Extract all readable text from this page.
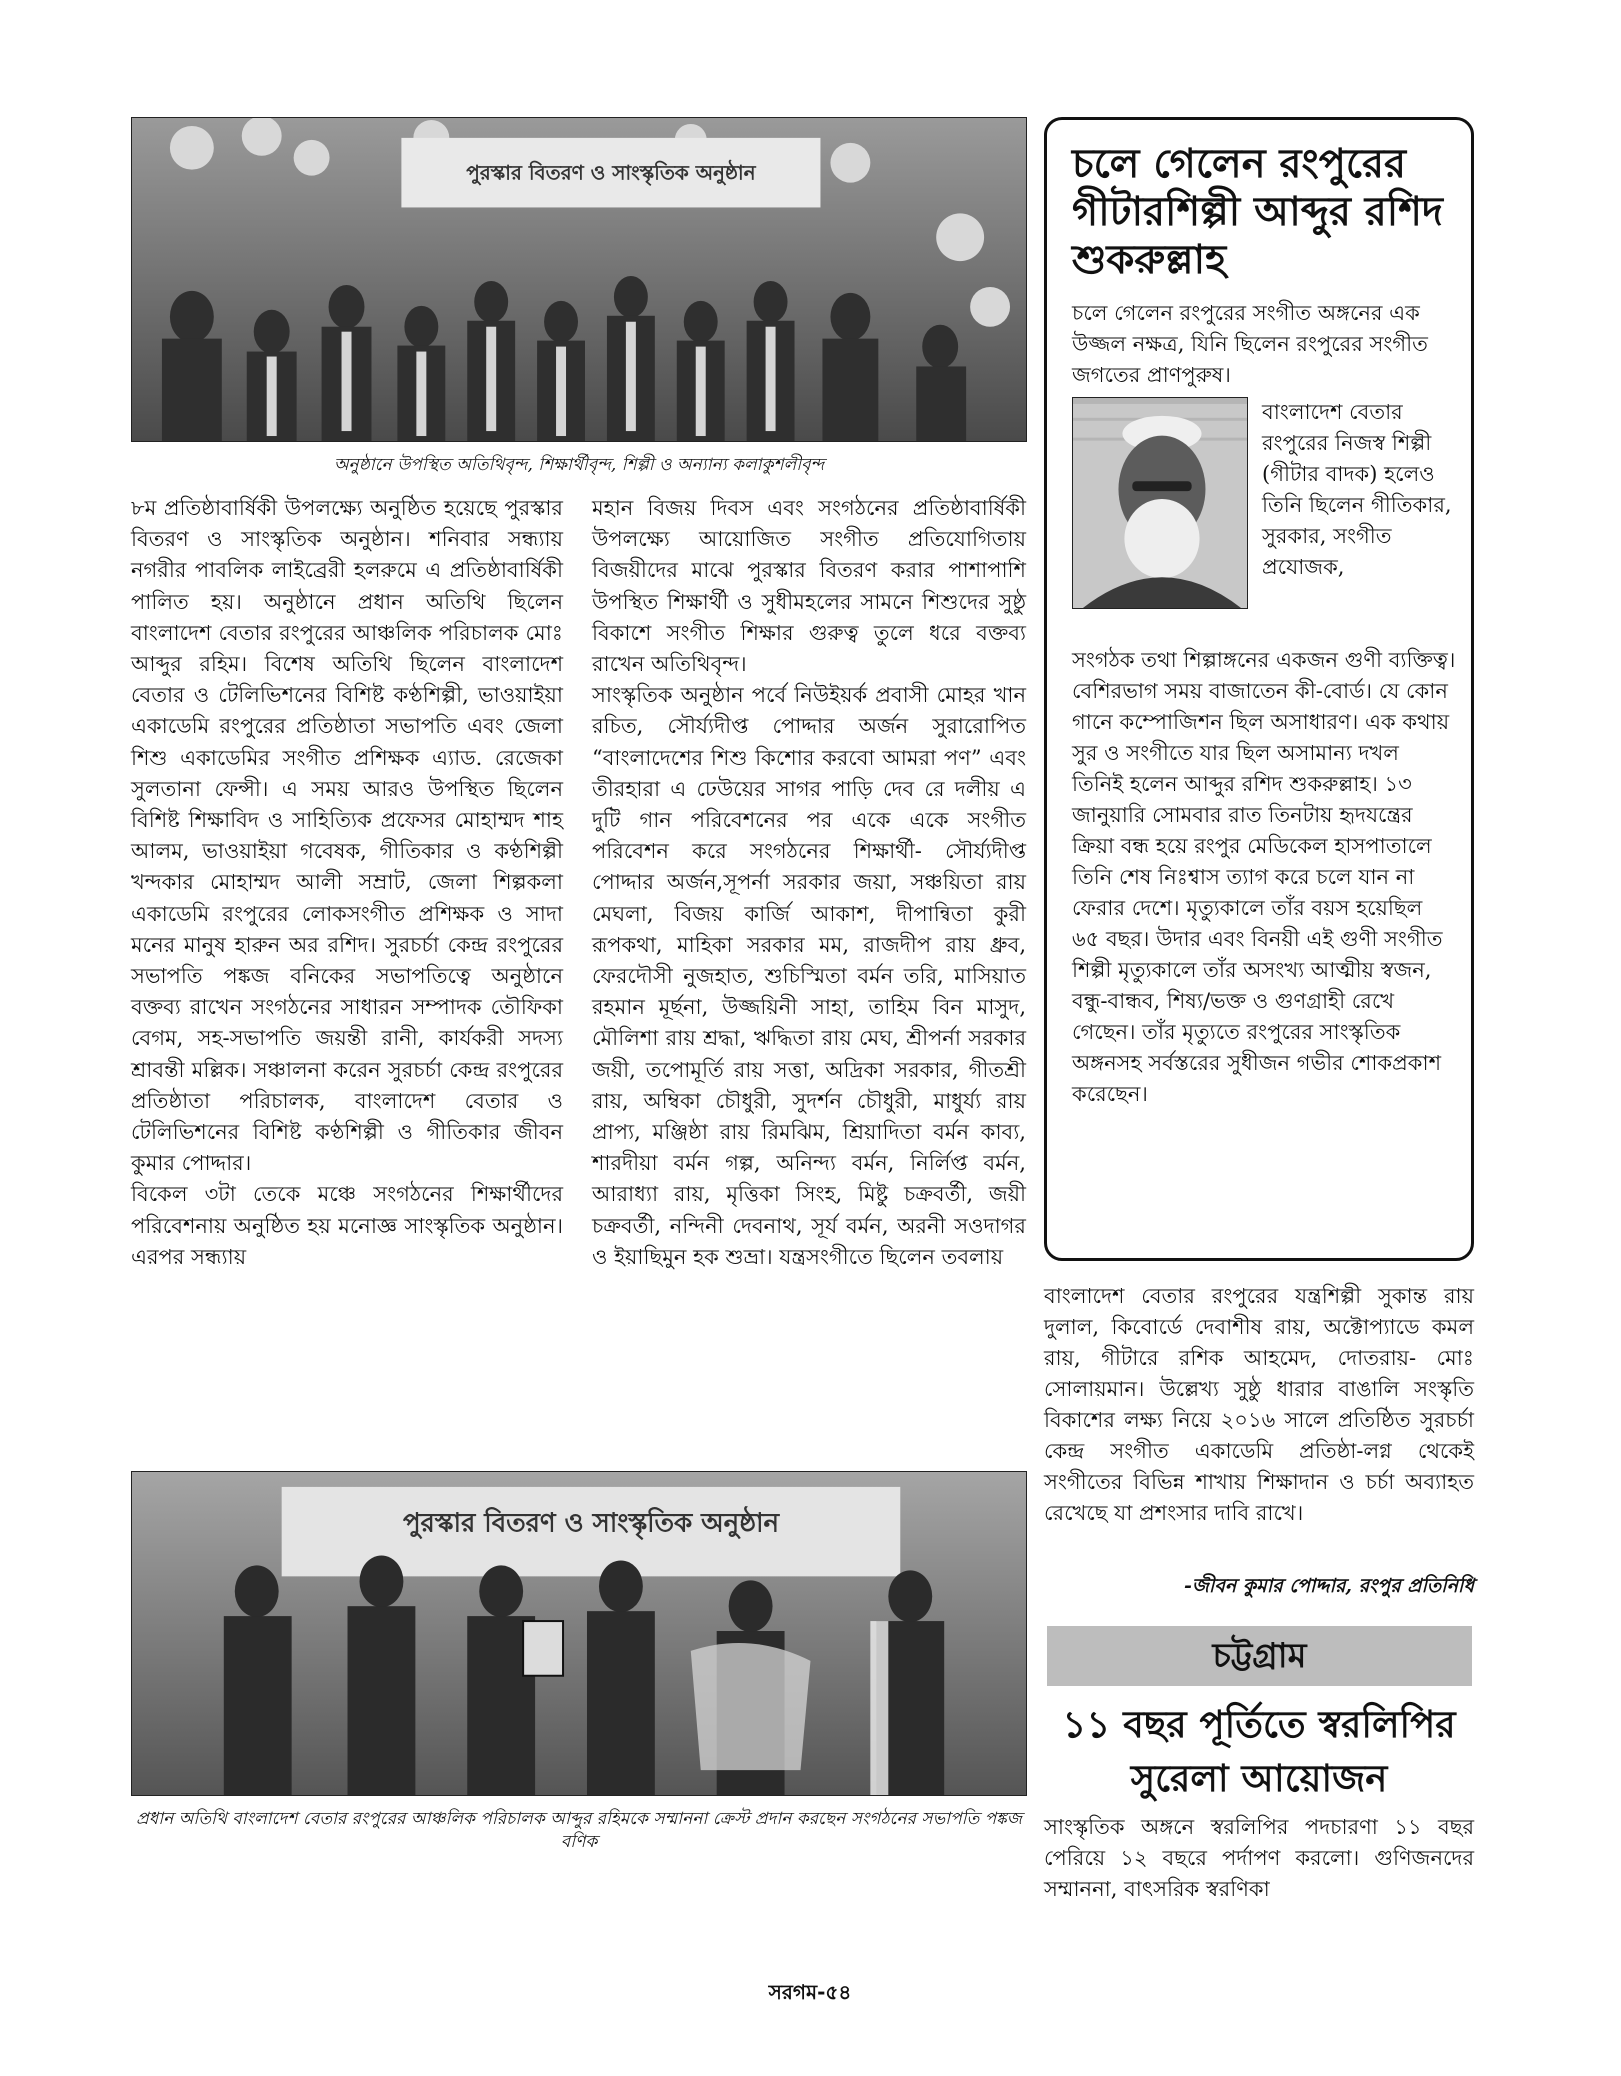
পুরস্কার বিতরণ ও সাংস্কৃতিক অনুষ্ঠান
অনুষ্ঠানে উপস্থিত অতিথিবৃন্দ, শিক্ষার্থীবৃন্দ, শিল্পী ও অন্যান্য কলাকুশলীবৃন্দ

৮ম প্রতিষ্ঠাবার্ষিকী উপলক্ষ্যে অনুষ্ঠিত হয়েছে পুরস্কার বিতরণ ও সাংস্কৃতিক অনুষ্ঠান। শনিবার সন্ধ্যায় নগরীর পাবলিক লাইব্রেরী হলরুমে এ প্রতিষ্ঠাবার্ষিকী পালিত হয়। অনুষ্ঠানে প্রধান অতিথি ছিলেন বাংলাদেশ বেতার রংপুরের আঞ্চলিক পরিচালক মোঃ আব্দুর রহিম। বিশেষ অতিথি ছিলেন বাংলাদেশ বেতার ও টেলিভিশনের বিশিষ্ট কণ্ঠশিল্পী, ভাওয়াইয়া একাডেমি রংপুরের প্রতিষ্ঠাতা সভাপতি এবং জেলা শিশু একাডেমির সংগীত প্রশিক্ষক এ্যাড. রেজেকা সুলতানা ফেন্সী। এ সময় আরও উপস্থিত ছিলেন বিশিষ্ট শিক্ষাবিদ ও সাহিত্যিক প্রফেসর মোহাম্মদ শাহ আলম, ভাওয়াইয়া গবেষক, গীতিকার ও কণ্ঠশিল্পী খন্দকার মোহাম্মদ আলী সম্রাট, জেলা শিল্পকলা একাডেমি রংপুরের লোকসংগীত প্রশিক্ষক ও সাদা মনের মানুষ হারুন অর রশিদ। সুরচর্চা কেন্দ্র রংপুরের সভাপতি পঙ্কজ বনিকের সভাপতিত্বে অনুষ্ঠানে বক্তব্য রাখেন সংগঠনের সাধারন সম্পাদক তৌফিকা বেগম, সহ-সভাপতি জয়ন্তী রানী, কার্যকরী সদস্য শ্রাবন্তী মল্লিক। সঞ্চালনা করেন সুরচর্চা কেন্দ্র রংপুরের প্রতিষ্ঠাতা পরিচালক, বাংলাদেশ বেতার ও টেলিভিশনের বিশিষ্ট কণ্ঠশিল্পী ও গীতিকার জীবন কুমার পোদ্দার।

বিকেল ৩টা তেকে মঞ্চে সংগঠনের শিক্ষার্থীদের পরিবেশনায় অনুষ্ঠিত হয় মনোজ্ঞ সাংস্কৃতিক অনুষ্ঠান। এরপর সন্ধ্যায়

মহান বিজয় দিবস এবং সংগঠনের প্রতিষ্ঠাবার্ষিকী উপলক্ষ্যে আয়োজিত সংগীত প্রতিযোগিতায় বিজয়ীদের মাঝে পুরস্কার বিতরণ করার পাশাপাশি উপস্থিত শিক্ষার্থী ও সুধীমহলের সামনে শিশুদের সুষ্ঠু বিকাশে সংগীত শিক্ষার গুরুত্ব তুলে ধরে বক্তব্য রাখেন অতিথিবৃন্দ।

সাংস্কৃতিক অনুষ্ঠান পর্বে নিউইয়র্ক প্রবাসী মোহর খান রচিত, সৌর্য্যদীপ্ত পোদ্দার অর্জন সুরারোপিত “বাংলাদেশের শিশু কিশোর করবো আমরা পণ” এবং তীরহারা এ ঢেউয়ের সাগর পাড়ি দেব রে দলীয় এ দুটি গান পরিবেশনের পর একে একে সংগীত পরিবেশন করে সংগঠনের শিক্ষার্থী- সৌর্য্যদীপ্ত পোদ্দার অর্জন,সূপর্না সরকার জয়া, সঞ্চয়িতা রায় মেঘলা, বিজয় কার্জি আকাশ, দীপান্বিতা কুরী রূপকথা, মাহিকা সরকার মম, রাজদীপ রায় ধ্রুব, ফেরদৌসী নুজহাত, শুচিস্মিতা বর্মন তরি, মাসিয়াত রহমান মূর্ছনা, উজ্জয়িনী সাহা, তাহিম বিন মাসুদ, মৌলিশা রায় শ্রদ্ধা, ঋদ্ধিতা রায় মেঘ, শ্রীপর্না সরকার জয়ী, তপোমূর্তি রায় সত্তা, অদ্রিকা সরকার, গীতশ্রী রায়, অম্বিকা চৌধুরী, সুদর্শন চৌধুরী, মাধুর্য্য রায় প্রাপ্য, মঞ্জিষ্ঠা রায় রিমঝিম, শ্রিয়াদিতা বর্মন কাব্য, শারদীয়া বর্মন গল্প, অনিন্দ্য বর্মন, নির্লিপ্ত বর্মন, আরাধ্যা রায়, মৃত্তিকা সিংহ, মিষ্টু চক্রবর্তী, জয়ী চক্রবর্তী, নন্দিনী দেবনাথ, সূর্য বর্মন, অরনী সওদাগর ও ইয়াছিমুন হক শুভ্রা। যন্ত্রসংগীতে ছিলেন তবলায়

চলে গেলেন রংপুরের গীটারশিল্পী আব্দুর রশিদ শুকরুল্লাহ
চলে গেলেন রংপুরের সংগীত অঙ্গনের এক উজ্জল নক্ষত্র, যিনি ছিলেন রংপুরের সংগীত জগতের প্রাণপুরুষ।
বাংলাদেশ বেতার রংপুরের নিজস্ব শিল্পী (গীটার বাদক) হলেও তিনি ছিলেন গীতিকার, সুরকার, সংগীত প্রযোজক,
সংগঠক তথা শিল্পাঙ্গনের একজন গুণী ব্যক্তিত্ব। বেশিরভাগ সময় বাজাতেন কী-বোর্ড। যে কোন গানে কম্পোজিশন ছিল অসাধারণ। এক কথায় সুর ও সংগীতে যার ছিল অসামান্য দখল তিনিই হলেন আব্দুর রশিদ শুকরুল্লাহ। ১৩ জানুয়ারি সোমবার রাত তিনটায় হৃদযন্ত্রের ক্রিয়া বন্ধ হয়ে রংপুর মেডিকেল হাসপাতালে তিনি শেষ নিঃশ্বাস ত্যাগ করে চলে যান না ফেরার দেশে। মৃত্যুকালে তাঁর বয়স হয়েছিল ৬৫ বছর। উদার এবং বিনয়ী এই গুণী সংগীত শিল্পী মৃত্যুকালে তাঁর অসংখ্য আত্মীয় স্বজন, বন্ধু-বান্ধব, শিষ্য/ভক্ত ও গুণগ্রাহী রেখে গেছেন। তাঁর মৃত্যুতে রংপুরের সাংস্কৃতিক অঙ্গনসহ সর্বস্তরের সুধীজন গভীর শোকপ্রকাশ করেছেন।
বাংলাদেশ বেতার রংপুরের যন্ত্রশিল্পী সুকান্ত রায় দুলাল, কিবোর্ডে দেবাশীষ রায়, অক্টোপ্যাডে কমল রায়, গীটারে রশিক আহমেদ, দোতরায়- মোঃ সোলায়মান। উল্লেখ্য সুষ্ঠু ধারার বাঙালি সংস্কৃতি বিকাশের লক্ষ্য নিয়ে ২০১৬ সালে প্রতিষ্ঠিত সুরচর্চা কেন্দ্র সংগীত একাডেমি প্রতিষ্ঠা-লগ্ন থেকেই সংগীতের বিভিন্ন শাখায় শিক্ষাদান ও চর্চা অব্যাহত রেখেছে যা প্রশংসার দাবি রাখে।
-জীবন কুমার পোদ্দার, রংপুর প্রতিনিধি
চট্টগ্রাম
১১ বছর পূর্তিতে স্বরলিপির সুরেলা আয়োজন
সাংস্কৃতিক অঙ্গনে স্বরলিপির পদচারণা ১১ বছর পেরিয়ে ১২ বছরে পর্দাপণ করলো। গুণিজনদের সম্মাননা, বাৎসরিক স্বরণিকা
পুরস্কার বিতরণ ও সাংস্কৃতিক অনুষ্ঠান
প্রধান অতিথি বাংলাদেশ বেতার রংপুরের আঞ্চলিক পরিচালক আব্দুর রহিমকে সম্মাননা ক্রেস্ট প্রদান করছেন সংগঠনের সভাপতি পঙ্কজ বণিক
সরগম-৫৪
